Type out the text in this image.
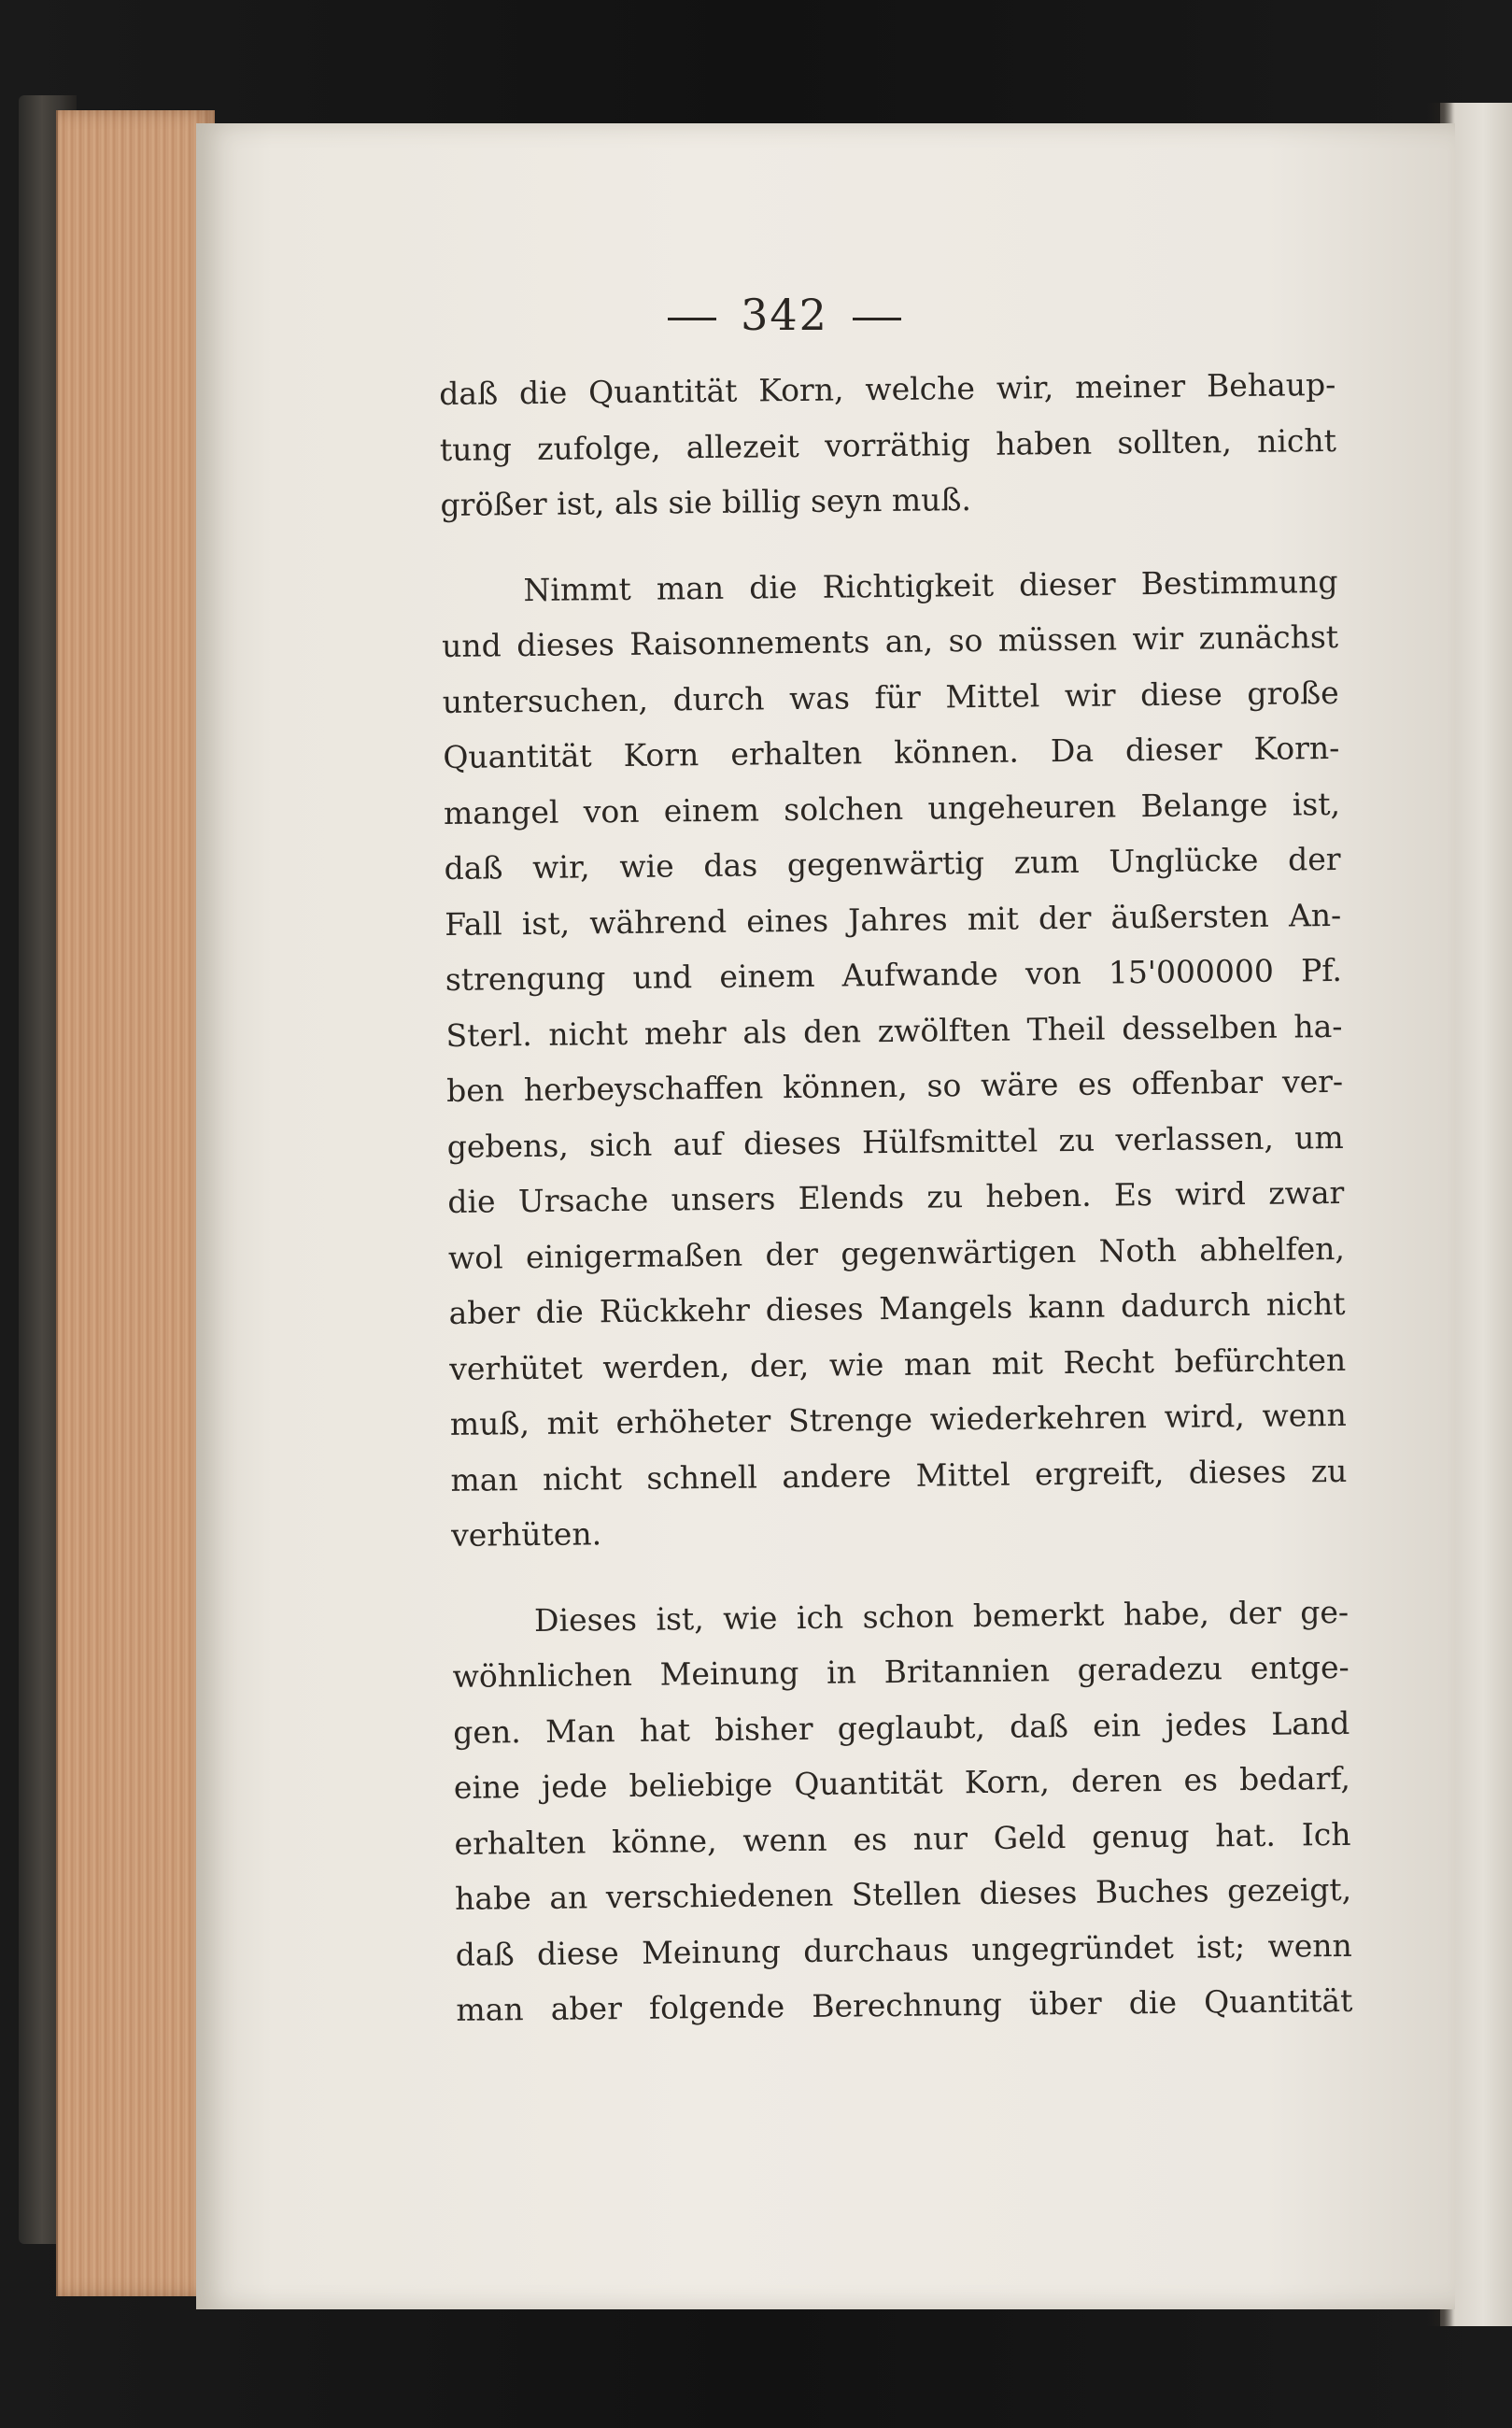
342
daß die Quantität Korn, welche wir, meiner Behaup-
tung zufolge, allezeit vorräthig haben sollten, nicht
größer ist, als sie billig seyn muß.
Nimmt man die Richtigkeit dieser Bestimmung
und dieses Raisonnements an, so müssen wir zunächst
untersuchen, durch was für Mittel wir diese große
Quantität Korn erhalten können. Da dieser Korn-
mangel von einem solchen ungeheuren Belange ist,
daß wir, wie das gegenwärtig zum Unglücke der
Fall ist, während eines Jahres mit der äußersten An-
strengung und einem Aufwande von 15'000000 Pf.
Sterl. nicht mehr als den zwölften Theil desselben ha-
ben herbeyschaffen können, so wäre es offenbar ver-
gebens, sich auf dieses Hülfsmittel zu verlassen, um
die Ursache unsers Elends zu heben. Es wird zwar
wol einigermaßen der gegenwärtigen Noth abhelfen,
aber die Rückkehr dieses Mangels kann dadurch nicht
verhütet werden, der, wie man mit Recht befürchten
muß, mit erhöheter Strenge wiederkehren wird, wenn
man nicht schnell andere Mittel ergreift, dieses zu
verhüten.
Dieses ist, wie ich schon bemerkt habe, der ge-
wöhnlichen Meinung in Britannien geradezu entge-
gen. Man hat bisher geglaubt, daß ein jedes Land
eine jede beliebige Quantität Korn, deren es bedarf,
erhalten könne, wenn es nur Geld genug hat. Ich
habe an verschiedenen Stellen dieses Buches gezeigt,
daß diese Meinung durchaus ungegründet ist; wenn
man aber folgende Berechnung über die Quantität
